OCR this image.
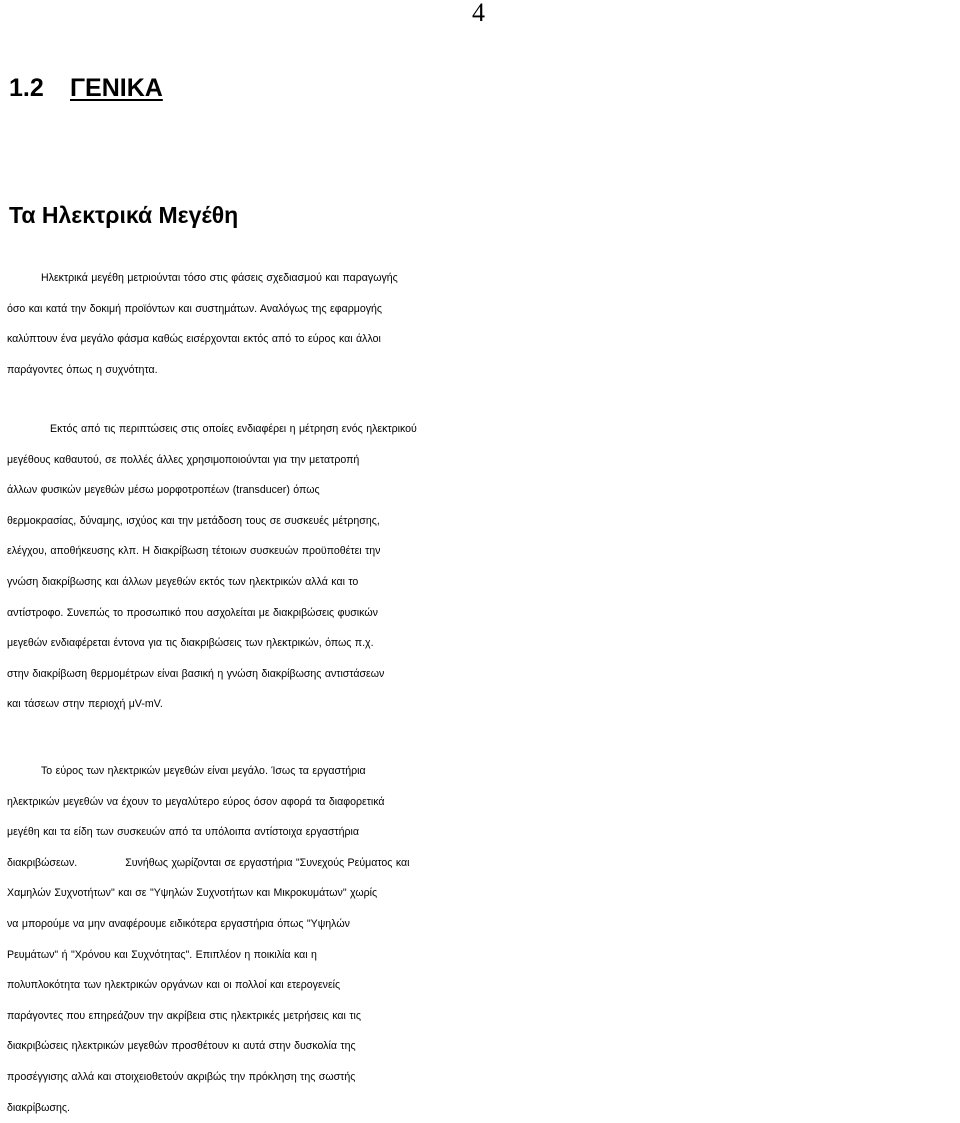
4
1.2 ΓΕΝΙΚΑ
Τα Ηλεκτρικά Μεγέθη
Ηλεκτρικά μεγέθη μετριούνται τόσο στις φάσεις σχεδιασμού και παραγωγής
όσο και κατά την δοκιμή προϊόντων και συστημάτων. Αναλόγως της εφαρμογής
καλύπτουν ένα μεγάλο φάσμα καθώς εισέρχονται εκτός από το εύρος και άλλοι
παράγοντες όπως η συχνότητα.
Εκτός από τις περιπτώσεις στις οποίες ενδιαφέρει η μέτρηση ενός ηλεκτρικού
μεγέθους καθαυτού, σε πολλές άλλες χρησιμοποιούνται για την μετατροπή
άλλων φυσικών μεγεθών μέσω μορφοτροπέων (transducer) όπως
θερμοκρασίας, δύναμης, ισχύος και την μετάδοση τους σε συσκευές μέτρησης,
ελέγχου, αποθήκευσης κλπ. Η διακρίβωση τέτοιων συσκευών προϋποθέτει την
γνώση διακρίβωσης και άλλων μεγεθών εκτός των ηλεκτρικών αλλά και το
αντίστροφο. Συνεπώς το προσωπικό που ασχολείται με διακριβώσεις φυσικών
μεγεθών ενδιαφέρεται έντονα για τις διακριβώσεις των ηλεκτρικών, όπως π.χ.
στην διακρίβωση θερμομέτρων είναι βασική η γνώση διακρίβωσης αντιστάσεων
και τάσεων στην περιοχή μV-mV.
Το εύρος των ηλεκτρικών μεγεθών είναι μεγάλο. Ίσως τα εργαστήρια
ηλεκτρικών μεγεθών να έχουν το μεγαλύτερο εύρος όσον αφορά τα διαφορετικά
μεγέθη και τα είδη των συσκευών από τα υπόλοιπα αντίστοιχα εργαστήρια
διακριβώσεων.	Συνήθως χωρίζονται σε εργαστήρια "Συνεχούς Ρεύματος και
Χαμηλών Συχνοτήτων" και σε "Υψηλών Συχνοτήτων και Μικροκυμάτων" χωρίς
να μπορούμε να μην αναφέρουμε ειδικότερα εργαστήρια όπως "Υψηλών
Ρευμάτων" ή "Χρόνου και Συχνότητας". Επιπλέον η ποικιλία και η
πολυπλοκότητα των ηλεκτρικών οργάνων και οι πολλοί και ετερογενείς
παράγοντες που επηρεάζουν την ακρίβεια στις ηλεκτρικές μετρήσεις και τις
διακριβώσεις ηλεκτρικών μεγεθών προσθέτουν κι αυτά στην δυσκολία της
προσέγγισης αλλά και στοιχειοθετούν ακριβώς την πρόκληση της σωστής
διακρίβωσης.
